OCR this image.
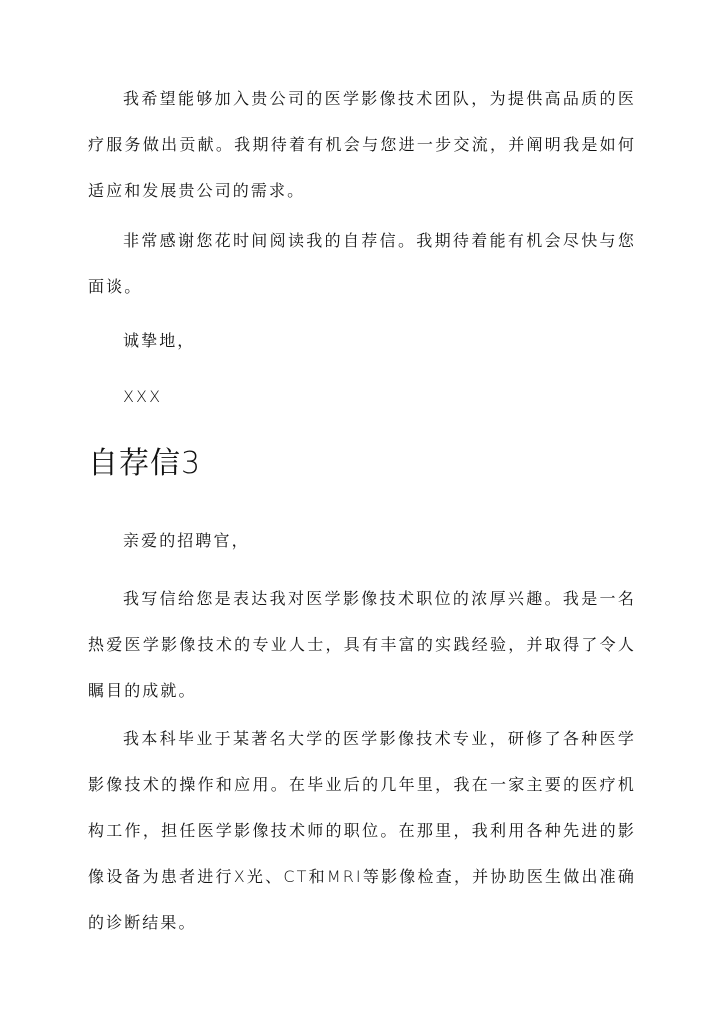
我希望能够加入贵公司的医学影像技术团队，为提供高品质的医疗服务做出贡献。我期待着有机会与您进一步交流，并阐明我是如何适应和发展贵公司的需求。

非常感谢您花时间阅读我的自荐信。我期待着能有机会尽快与您面谈。

诚挚地，

XXX

自荐信3

亲爱的招聘官，

我写信给您是表达我对医学影像技术职位的浓厚兴趣。我是一名热爱医学影像技术的专业人士，具有丰富的实践经验，并取得了令人瞩目的成就。

我本科毕业于某著名大学的医学影像技术专业，研修了各种医学影像技术的操作和应用。在毕业后的几年里，我在一家主要的医疗机构工作，担任医学影像技术师的职位。在那里，我利用各种先进的影像设备为患者进行X光、CT和MRI等影像检查，并协助医生做出准确的诊断结果。
